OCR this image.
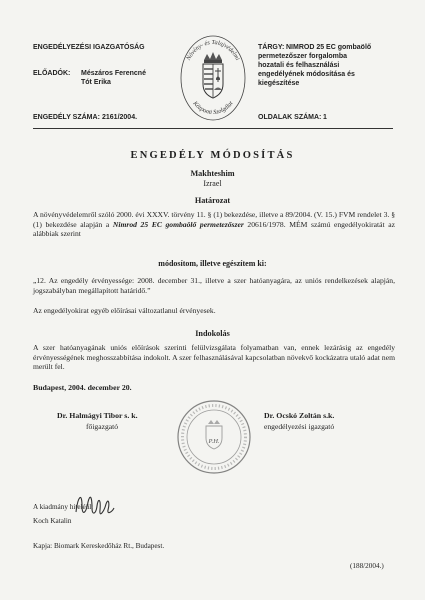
ENGEDÉLYEZÉSI IGAZGATÓSÁG
ELŐADÓK: Mészáros Ferencné
Tót Erika
ENGEDÉLY SZÁMA: 2161/2004.
Növény- és Talajvédelmi
Központi Szolgálat
TÁRGY: NIMROD 25 EC gombaölő
permetezőszer forgalomba
hozatali és felhasználási
engedélyének módosítása és
kiegészítése
OLDALAK SZÁMA: 1
ENGEDÉLY MÓDOSÍTÁS
Makhteshim
Izrael
Határozat
A növényvédelemről szóló 2000. évi XXXV. törvény 11. § (1) bekezdése, illetve a 89/2004. (V. 15.) FVM rendelet 3. § (1) bekezdése alapján a Nimrod 25 EC gombaölő permetezőszer 20616/1978. MÉM számú engedélyokiratát az alábbiak szerint
módosítom, illetve egészítem ki:
„12. Az engedély érvényessége: 2008. december 31., illetve a szer hatóanyagára, az uniós rendelkezések alapján, jogszabályban megállapított határidő.”
Az engedélyokirat egyéb előírásai változatlanul érvényesek.
Indokolás
A szer hatóanyagának uniós előírások szerinti felülvizsgálata folyamatban van, ennek lezárásig az engedély érvényességének meghosszabbítása indokolt. A szer felhasználásával kapcsolatban növekvő kockázatra utaló adat nem merült fel.
Budapest, 2004. december 20.
Dr. Halmágyi Tibor s. k.
főigazgató
Dr. Ocskó Zoltán s.k.
engedélyezési igazgató
P.H.
A kiadmány hiteléül:
Koch Katalin
Kapja: Biomark Kereskedőház Rt., Budapest.
(188/2004.)
